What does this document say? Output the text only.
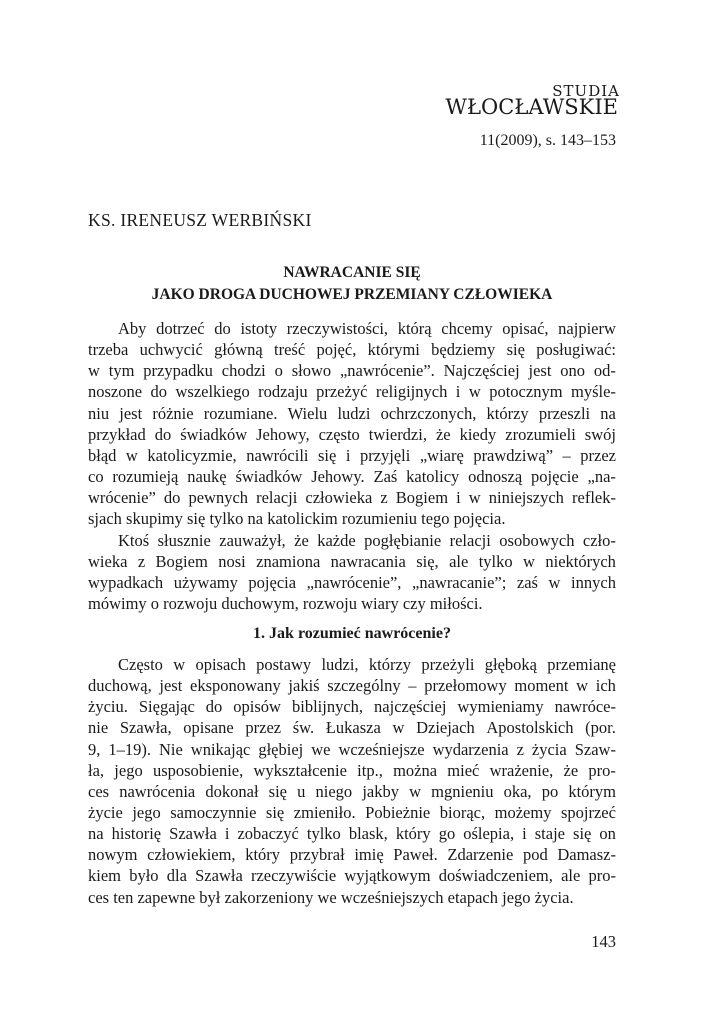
STUDIA
WŁOCŁAWSKIE
11(2009), s. 143–153
KS. IRENEUSZ WERBIŃSKI
NAWRACANIE SIĘ
JAKO DROGA DUCHOWEJ PRZEMIANY CZŁOWIEKA
Aby dotrzeć do istoty rzeczywistości, którą chcemy opisać, najpierw
trzeba uchwycić główną treść pojęć, którymi będziemy się posługiwać:
w tym przypadku chodzi o słowo „nawrócenie”. Najczęściej jest ono od-
noszone do wszelkiego rodzaju przeżyć religijnych i w potocznym myśle-
niu jest różnie rozumiane. Wielu ludzi ochrzczonych, którzy przeszli na
przykład do świadków Jehowy, często twierdzi, że kiedy zrozumieli swój
błąd w katolicyzmie, nawrócili się i przyjęli „wiarę prawdziwą” – przez
co rozumieją naukę świadków Jehowy. Zaś katolicy odnoszą pojęcie „na-
wrócenie” do pewnych relacji człowieka z Bogiem i w niniejszych reflek-
sjach skupimy się tylko na katolickim rozumieniu tego pojęcia.
Ktoś słusznie zauważył, że każde pogłębianie relacji osobowych czło-
wieka z Bogiem nosi znamiona nawracania się, ale tylko w niektórych
wypadkach używamy pojęcia „nawrócenie”, „nawracanie”; zaś w innych
mówimy o rozwoju duchowym, rozwoju wiary czy miłości.
1. Jak rozumieć nawrócenie?
Często w opisach postawy ludzi, którzy przeżyli głęboką przemianę
duchową, jest eksponowany jakiś szczególny – przełomowy moment w ich
życiu. Sięgając do opisów biblijnych, najczęściej wymieniamy nawróce-
nie Szawła, opisane przez św. Łukasza w Dziejach Apostolskich (por.
9, 1–19). Nie wnikając głębiej we wcześniejsze wydarzenia z życia Szaw-
ła, jego usposobienie, wykształcenie itp., można mieć wrażenie, że pro-
ces nawrócenia dokonał się u niego jakby w mgnieniu oka, po którym
życie jego samoczynnie się zmieniło. Pobieżnie biorąc, możemy spojrzeć
na historię Szawła i zobaczyć tylko blask, który go oślepia, i staje się on
nowym człowiekiem, który przybrał imię Paweł. Zdarzenie pod Damasz-
kiem było dla Szawła rzeczywiście wyjątkowym doświadczeniem, ale pro-
ces ten zapewne był zakorzeniony we wcześniejszych etapach jego życia.
143
